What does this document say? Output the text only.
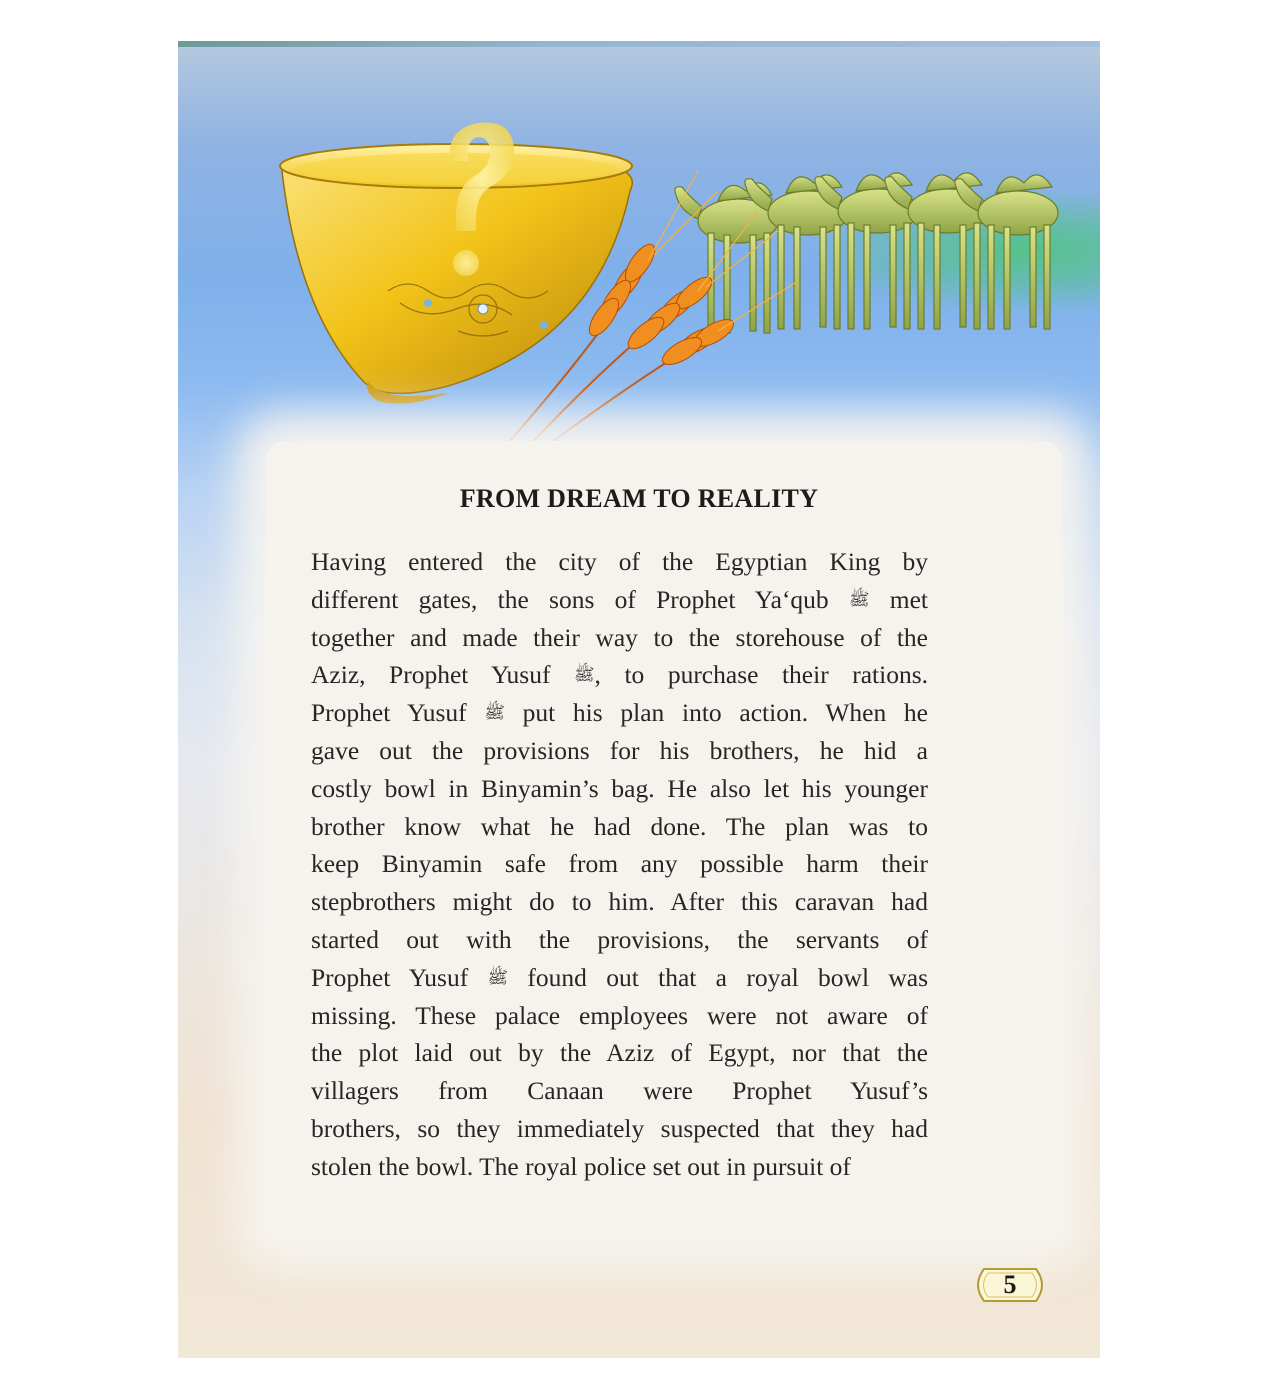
FROM DREAM TO REALITY
Having entered the city of the Egyptian King by
different gates, the sons of Prophet Ya‘qub ﷺ met
together and made their way to the storehouse of the
Aziz, Prophet Yusuf ﷺ, to purchase their rations.
Prophet Yusuf ﷺ put his plan into action. When he
gave out the provisions for his brothers, he hid a
costly bowl in Binyamin’s bag. He also let his younger
brother know what he had done. The plan was to
keep Binyamin safe from any possible harm their
stepbrothers might do to him. After this caravan had
started out with the provisions, the servants of
Prophet Yusuf ﷺ found out that a royal bowl was
missing. These palace employees were not aware of
the plot laid out by the Aziz of Egypt, nor that the
villagers from Canaan were Prophet Yusuf’s
brothers, so they immediately suspected that they had
stolen the bowl. The royal police set out in pursuit of
5
